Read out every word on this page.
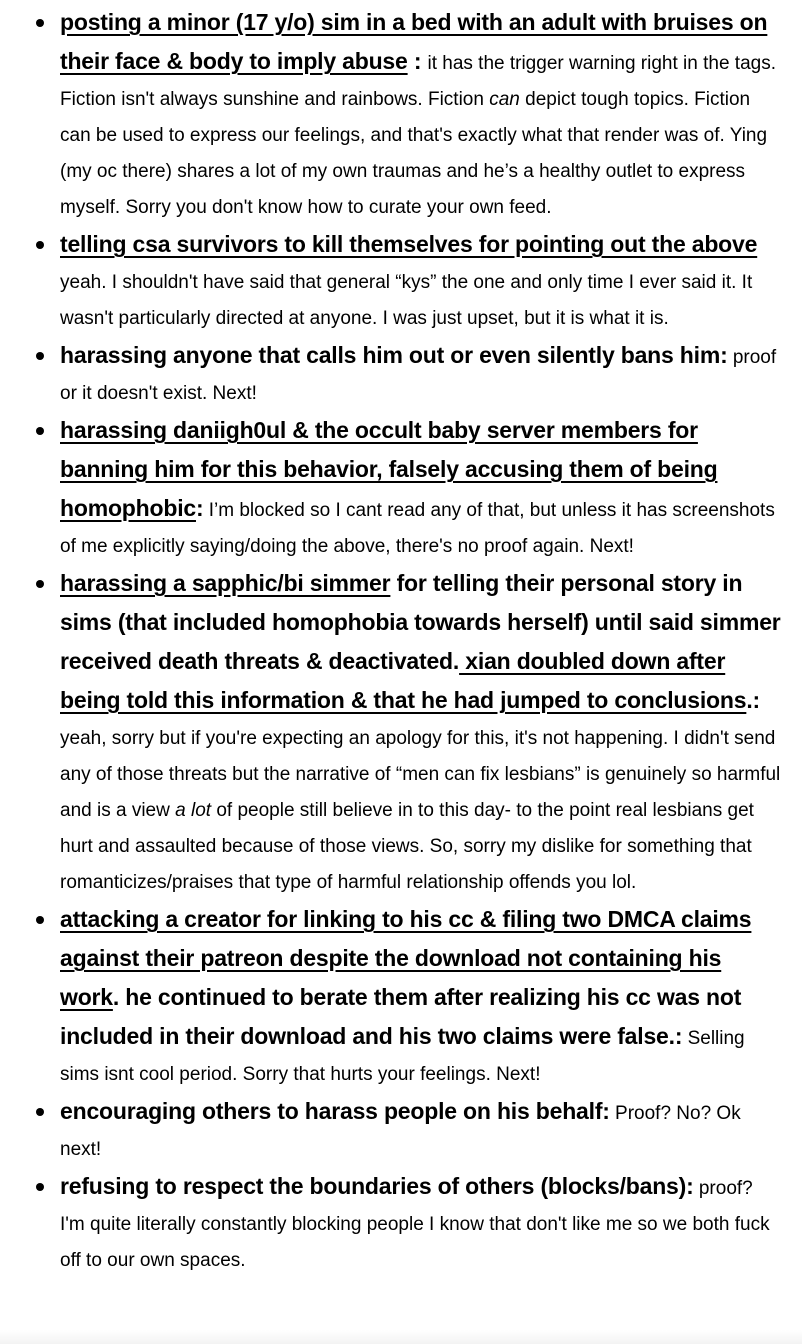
posting a minor (17 y/o) sim in a bed with an adult with bruises on their face & body to imply abuse : it has the trigger warning right in the tags. Fiction isn't always sunshine and rainbows. Fiction can depict tough topics. Fiction can be used to express our feelings, and that's exactly what that render was of. Ying (my oc there) shares a lot of my own traumas and he’s a healthy outlet to express myself. Sorry you don't know how to curate your own feed.
telling csa survivors to kill themselves for pointing out the above yeah. I shouldn't have said that general “kys” the one and only time I ever said it. It wasn't particularly directed at anyone. I was just upset, but it is what it is.
harassing anyone that calls him out or even silently bans him: proof or it doesn't exist. Next!
harassing daniigh0ul & the occult baby server members for banning him for this behavior, falsely accusing them of being homophobic: I’m blocked so I cant read any of that, but unless it has screenshots of me explicitly saying/doing the above, there's no proof again. Next!
harassing a sapphic/bi simmer for telling their personal story in sims (that included homophobia towards herself) until said simmer received death threats & deactivated. xian doubled down after being told this information & that he had jumped to conclusions.: yeah, sorry but if you're expecting an apology for this, it's not happening. I didn't send any of those threats but the narrative of “men can fix lesbians” is genuinely so harmful and is a view a lot of people still believe in to this day- to the point real lesbians get hurt and assaulted because of those views. So, sorry my dislike for something that romanticizes/praises that type of harmful relationship offends you lol.
attacking a creator for linking to his cc & filing two DMCA claims against their patreon despite the download not containing his work. he continued to berate them after realizing his cc was not included in their download and his two claims were false.: Selling sims isnt cool period. Sorry that hurts your feelings. Next!
encouraging others to harass people on his behalf: Proof? No? Ok next!
refusing to respect the boundaries of others (blocks/bans): proof? I'm quite literally constantly blocking people I know that don't like me so we both fuck off to our own spaces.
